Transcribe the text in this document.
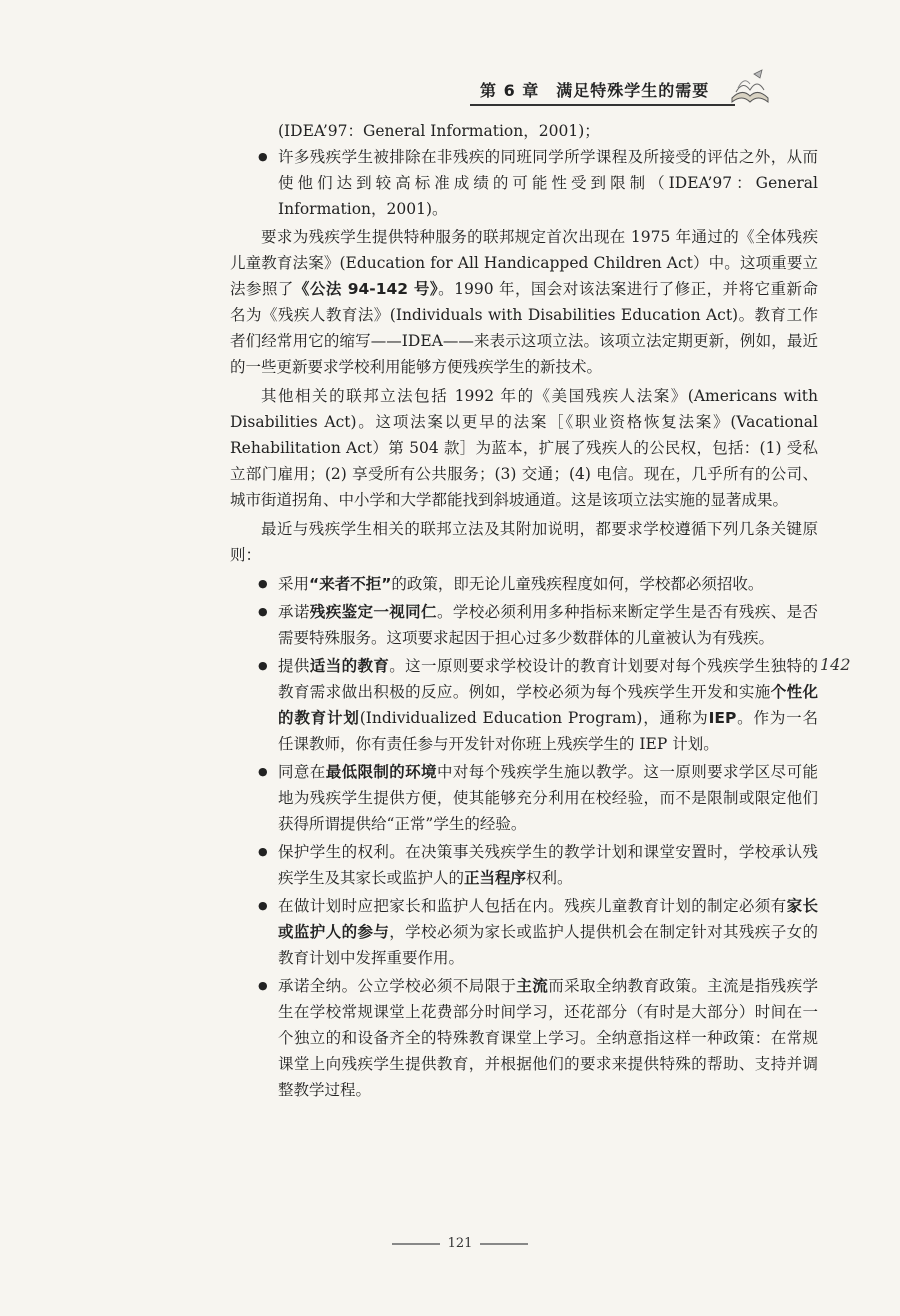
第 6 章　满足特殊学生的需要
(IDEA’97：General Information，2001)；
● 许多残疾学生被排除在非残疾的同班同学所学课程及所接受的评估之外，从而使他们达到较高标准成绩的可能性受到限制（IDEA’97：General Information，2001)。

要求为残疾学生提供特种服务的联邦规定首次出现在 1975 年通过的《全体残疾儿童教育法案》(Education for All Handicapped Children Act）中。这项重要立法参照了《公法 94-142 号》。1990 年，国会对该法案进行了修正，并将它重新命名为《残疾人教育法》(Individuals with Disabilities Education Act)。教育工作者们经常用它的缩写——IDEA——来表示这项立法。该项立法定期更新，例如，最近的一些更新要求学校利用能够方便残疾学生的新技术。

其他相关的联邦立法包括 1992 年的《美国残疾人法案》(Americans with Disabilities Act)。这项法案以更早的法案［《职业资格恢复法案》(Vacational Rehabilitation Act）第 504 款］为蓝本，扩展了残疾人的公民权，包括：(1) 受私立部门雇用；(2) 享受所有公共服务；(3) 交通；(4) 电信。现在，几乎所有的公司、城市街道拐角、中小学和大学都能找到斜坡通道。这是该项立法实施的显著成果。

最近与残疾学生相关的联邦立法及其附加说明，都要求学校遵循下列几条关键原则：

● 采用“来者不拒”的政策，即无论儿童残疾程度如何，学校都必须招收。
● 承诺残疾鉴定一视同仁。学校必须利用多种指标来断定学生是否有残疾、是否需要特殊服务。这项要求起因于担心过多少数群体的儿童被认为有残疾。
● 提供适当的教育。这一原则要求学校设计的教育计划要对每个残疾学生独特的教育需求做出积极的反应。例如，学校必须为每个残疾学生开发和实施个性化的教育计划(Individualized Education Program)，通称为IEP。作为一名任课教师，你有责任参与开发针对你班上残疾学生的 IEP 计划。
● 同意在最低限制的环境中对每个残疾学生施以教学。这一原则要求学区尽可能地为残疾学生提供方便，使其能够充分利用在校经验，而不是限制或限定他们获得所谓提供给“正常”学生的经验。
● 保护学生的权利。在决策事关残疾学生的教学计划和课堂安置时，学校承认残疾学生及其家长或监护人的正当程序权利。
● 在做计划时应把家长和监护人包括在内。残疾儿童教育计划的制定必须有家长或监护人的参与，学校必须为家长或监护人提供机会在制定针对其残疾子女的教育计划中发挥重要作用。
● 承诺全纳。公立学校必须不局限于主流而采取全纳教育政策。主流是指残疾学生在学校常规课堂上花费部分时间学习，还花部分（有时是大部分）时间在一个独立的和设备齐全的特殊教育课堂上学习。全纳意指这样一种政策：在常规课堂上向残疾学生提供教育，并根据他们的要求来提供特殊的帮助、支持并调整教学过程。
142
121
